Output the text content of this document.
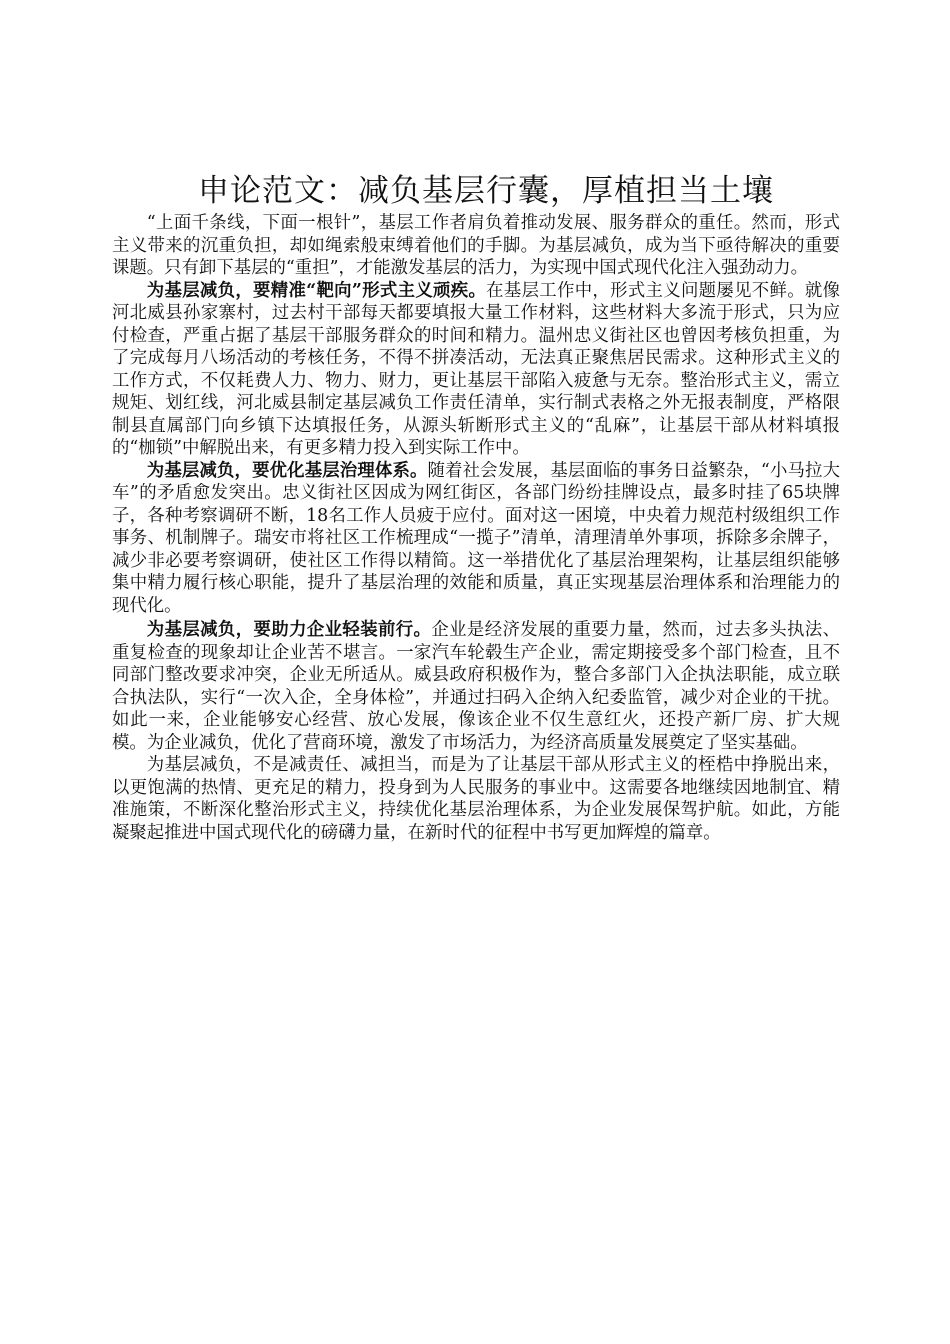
申论范文：减负基层行囊，厚植担当土壤

“上面千条线，下面一根针”，基层工作者肩负着推动发展、服务群众的重任。然而，形式主义带来的沉重负担，却如绳索般束缚着他们的手脚。为基层减负，成为当下亟待解决的重要课题。只有卸下基层的“重担”，才能激发基层的活力，为实现中国式现代化注入强劲动力。

为基层减负，要精准“靶向”形式主义顽疾。在基层工作中，形式主义问题屡见不鲜。就像河北威县孙家寨村，过去村干部每天都要填报大量工作材料，这些材料大多流于形式，只为应付检查，严重占据了基层干部服务群众的时间和精力。温州忠义街社区也曾因考核负担重，为了完成每月八场活动的考核任务，不得不拼凑活动，无法真正聚焦居民需求。这种形式主义的工作方式，不仅耗费人力、物力、财力，更让基层干部陷入疲惫与无奈。整治形式主义，需立规矩、划红线，河北威县制定基层减负工作责任清单，实行制式表格之外无报表制度，严格限制县直属部门向乡镇下达填报任务，从源头斩断形式主义的“乱麻”，让基层干部从材料填报的“枷锁”中解脱出来，有更多精力投入到实际工作中。

为基层减负，要优化基层治理体系。随着社会发展，基层面临的事务日益繁杂，“小马拉大车”的矛盾愈发突出。忠义街社区因成为网红街区，各部门纷纷挂牌设点，最多时挂了65块牌子，各种考察调研不断，18名工作人员疲于应付。面对这一困境，中央着力规范村级组织工作事务、机制牌子。瑞安市将社区工作梳理成“一揽子”清单，清理清单外事项，拆除多余牌子，减少非必要考察调研，使社区工作得以精简。这一举措优化了基层治理架构，让基层组织能够集中精力履行核心职能，提升了基层治理的效能和质量，真正实现基层治理体系和治理能力的现代化。

为基层减负，要助力企业轻装前行。企业是经济发展的重要力量，然而，过去多头执法、重复检查的现象却让企业苦不堪言。一家汽车轮毂生产企业，需定期接受多个部门检查，且不同部门整改要求冲突，企业无所适从。威县政府积极作为，整合多部门入企执法职能，成立联合执法队，实行“一次入企，全身体检”，并通过扫码入企纳入纪委监管，减少对企业的干扰。如此一来，企业能够安心经营、放心发展，像该企业不仅生意红火，还投产新厂房、扩大规模。为企业减负，优化了营商环境，激发了市场活力，为经济高质量发展奠定了坚实基础。

为基层减负，不是减责任、减担当，而是为了让基层干部从形式主义的桎梏中挣脱出来，以更饱满的热情、更充足的精力，投身到为人民服务的事业中。这需要各地继续因地制宜、精准施策，不断深化整治形式主义，持续优化基层治理体系，为企业发展保驾护航。如此，方能凝聚起推进中国式现代化的磅礴力量，在新时代的征程中书写更加辉煌的篇章。
